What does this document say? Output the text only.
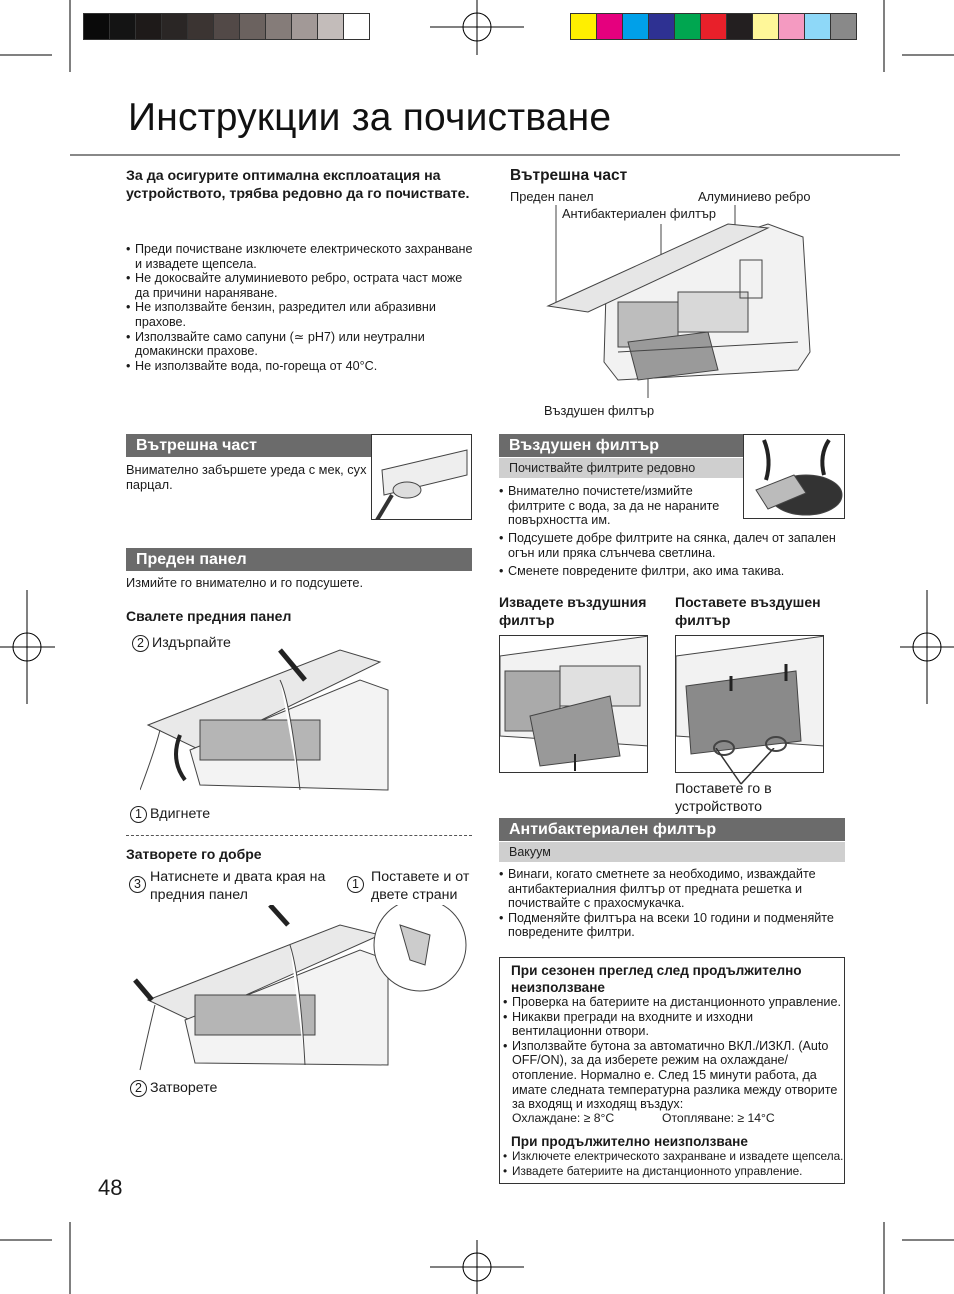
Инструкции за почистване
За да осигурите оптимална експлоатация на устройството, трябва редовно да го почиствате.
• Преди почистване изключете електрическото захранване и извадете щепсела.
• Не докосвайте алуминиевото ребро, острата част може да причини нараняване.
• Не използвайте бензин, разредител или абразивни прахове.
• Използвайте само сапуни (≃ pH7) или неутрални домакински прахове.
• Не използвайте вода, по-гореща от 40°C.
Вътрешна част
Преден панел	Алуминиево ребро
Антибактериален филтър
Въздушен филтър
Вътрешна част
Внимателно забършете уреда с мек, сух парцал.
Преден панел
Измийте го внимателно и го подсушете.
Свалете предния панел
2 Издърпайте
1 Вдигнете
Затворете го добре
3 Натиснете и двата края на предния панел
1 Поставете и от двете страни
2 Затворете
Въздушен филтър
Почиствайте филтрите редовно
• Внимателно почистете/измийте филтрите с вода, за да не нараните повърхността им.
• Подсушете добре филтрите на сянка, далеч от запален огън или пряка слънчева светлина.
• Сменете повредените филтри, ако има такива.
Извадете въздушния филтър
Поставете въздушен филтър
Поставете го в устройството
Антибактериален филтър
Вакуум
• Винаги, когато сметнете за необходимо, изваждайте антибактериалния филтър от предната решетка и почиствайте с прахосмукачка.
• Подменяйте филтъра на всеки 10 години и подменяйте повредените филтри.
При сезонен преглед след продължително неизползване
• Проверка на батериите на дистанционното управление.
• Никакви прегради на входните и изходни вентилационни отвори.
• Използвайте бутона за автоматично ВКЛ./ИЗКЛ. (Auto OFF/ON), за да изберете режим на охлаждане/отопление. Нормално е. След 15 минути работа, да имате следната температурна разлика между отворите за входящ и изходящ въздух:
Охлаждане: ≥ 8°C	Отопляване: ≥ 14°C
При продължително неизползване
• Изключете електрическото захранване и извадете щепсела.
• Извадете батериите на дистанционното управление.
48
